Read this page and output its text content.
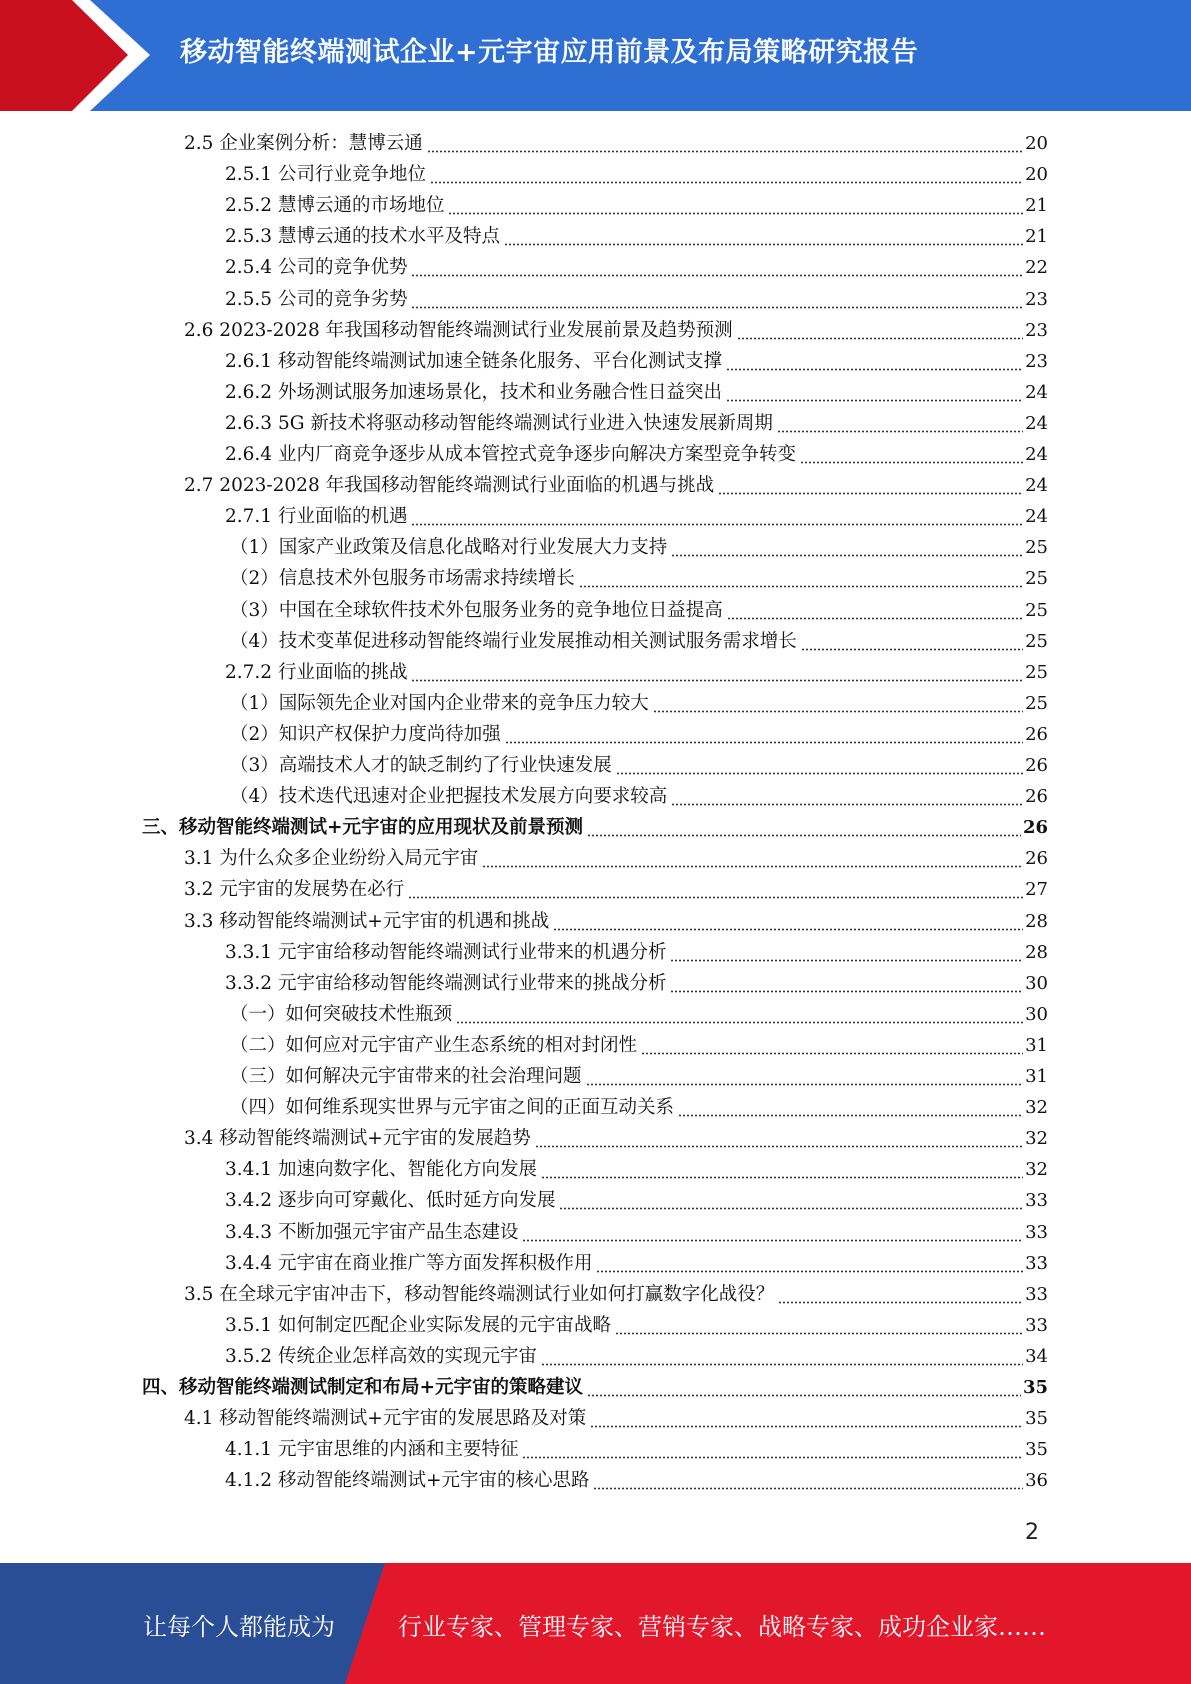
移动智能终端测试企业+元宇宙应用前景及布局策略研究报告
2.5 企业案例分析：慧博云通	20
2.5.1 公司行业竞争地位	20
2.5.2 慧博云通的市场地位	21
2.5.3 慧博云通的技术水平及特点	21
2.5.4 公司的竞争优势	22
2.5.5 公司的竞争劣势	23
2.6 2023-2028 年我国移动智能终端测试行业发展前景及趋势预测	23
2.6.1 移动智能终端测试加速全链条化服务、平台化测试支撑	23
2.6.2 外场测试服务加速场景化，技术和业务融合性日益突出	24
2.6.3 5G 新技术将驱动移动智能终端测试行业进入快速发展新周期	24
2.6.4 业内厂商竞争逐步从成本管控式竞争逐步向解决方案型竞争转变	24
2.7 2023-2028 年我国移动智能终端测试行业面临的机遇与挑战	24
2.7.1 行业面临的机遇	24
（1）国家产业政策及信息化战略对行业发展大力支持	25
（2）信息技术外包服务市场需求持续增长	25
（3）中国在全球软件技术外包服务业务的竞争地位日益提高	25
（4）技术变革促进移动智能终端行业发展推动相关测试服务需求增长	25
2.7.2 行业面临的挑战	25
（1）国际领先企业对国内企业带来的竞争压力较大	25
（2）知识产权保护力度尚待加强	26
（3）高端技术人才的缺乏制约了行业快速发展	26
（4）技术迭代迅速对企业把握技术发展方向要求较高	26
三、移动智能终端测试+元宇宙的应用现状及前景预测	26
3.1 为什么众多企业纷纷入局元宇宙	26
3.2 元宇宙的发展势在必行	27
3.3 移动智能终端测试+元宇宙的机遇和挑战	28
3.3.1 元宇宙给移动智能终端测试行业带来的机遇分析	28
3.3.2 元宇宙给移动智能终端测试行业带来的挑战分析	30
（一）如何突破技术性瓶颈	30
（二）如何应对元宇宙产业生态系统的相对封闭性	31
（三）如何解决元宇宙带来的社会治理问题	31
（四）如何维系现实世界与元宇宙之间的正面互动关系	32
3.4 移动智能终端测试+元宇宙的发展趋势	32
3.4.1 加速向数字化、智能化方向发展	32
3.4.2 逐步向可穿戴化、低时延方向发展	33
3.4.3 不断加强元宇宙产品生态建设	33
3.4.4 元宇宙在商业推广等方面发挥积极作用	33
3.5 在全球元宇宙冲击下，移动智能终端测试行业如何打赢数字化战役？	33
3.5.1 如何制定匹配企业实际发展的元宇宙战略	33
3.5.2 传统企业怎样高效的实现元宇宙	34
四、移动智能终端测试制定和布局+元宇宙的策略建议	35
4.1 移动智能终端测试+元宇宙的发展思路及对策	35
4.1.1 元宇宙思维的内涵和主要特征	35
4.1.2 移动智能终端测试+元宇宙的核心思路	36
2
让每个人都能成为	行业专家、管理专家、营销专家、战略专家、成功企业家……
